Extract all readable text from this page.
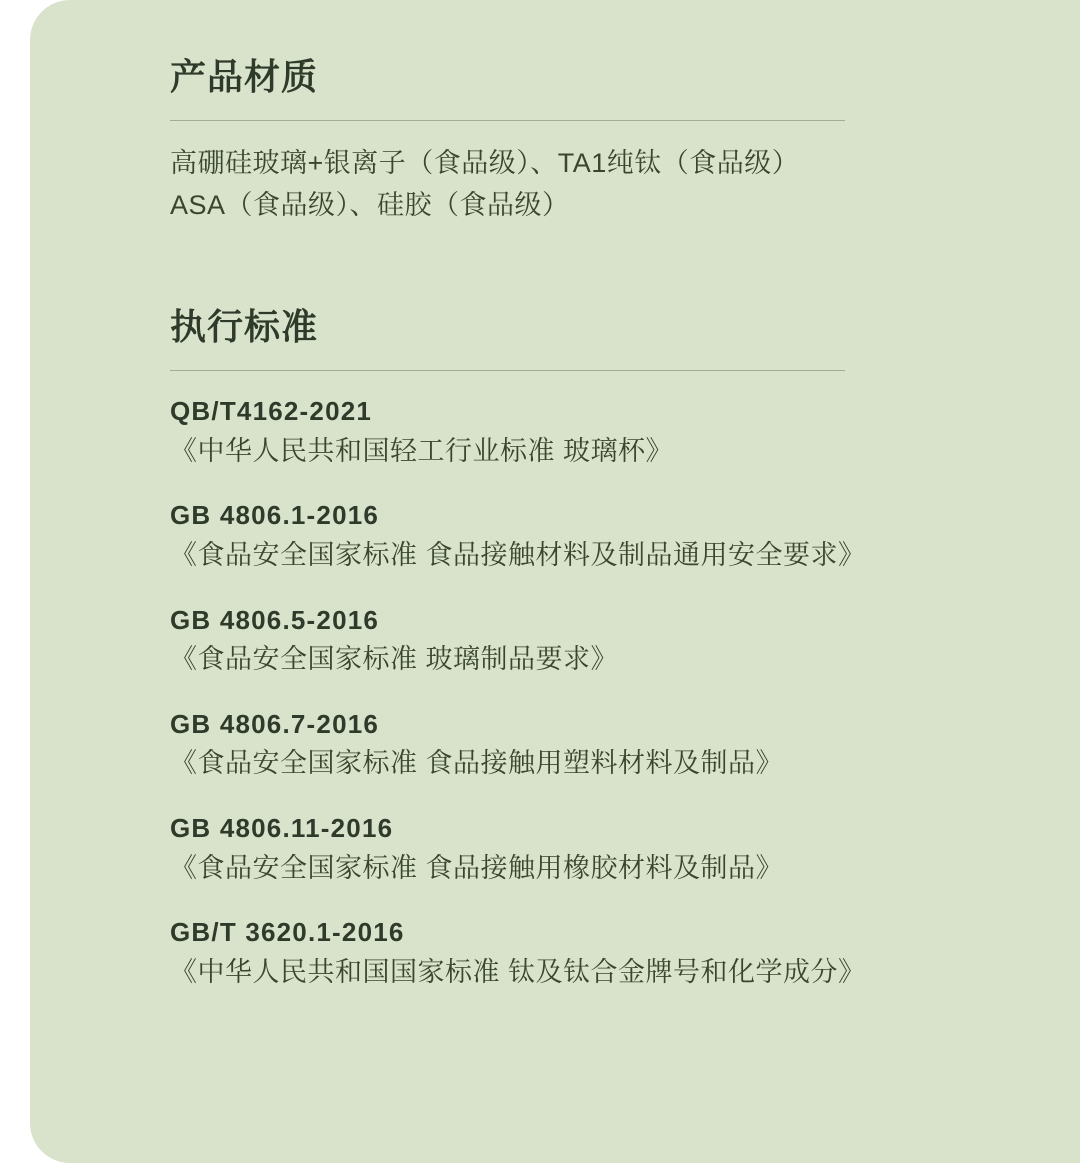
产品材质
高硼硅玻璃+银离子（食品级）、TA1纯钛（食品级）
ASA（食品级）、硅胶（食品级）
执行标准
QB/T4162-2021
《中华人民共和国轻工行业标准 玻璃杯》
GB 4806.1-2016
《食品安全国家标准 食品接触材料及制品通用安全要求》
GB 4806.5-2016
《食品安全国家标准 玻璃制品要求》
GB 4806.7-2016
《食品安全国家标准 食品接触用塑料材料及制品》
GB 4806.11-2016
《食品安全国家标准 食品接触用橡胶材料及制品》
GB/T 3620.1-2016
《中华人民共和国国家标准 钛及钛合金牌号和化学成分》
